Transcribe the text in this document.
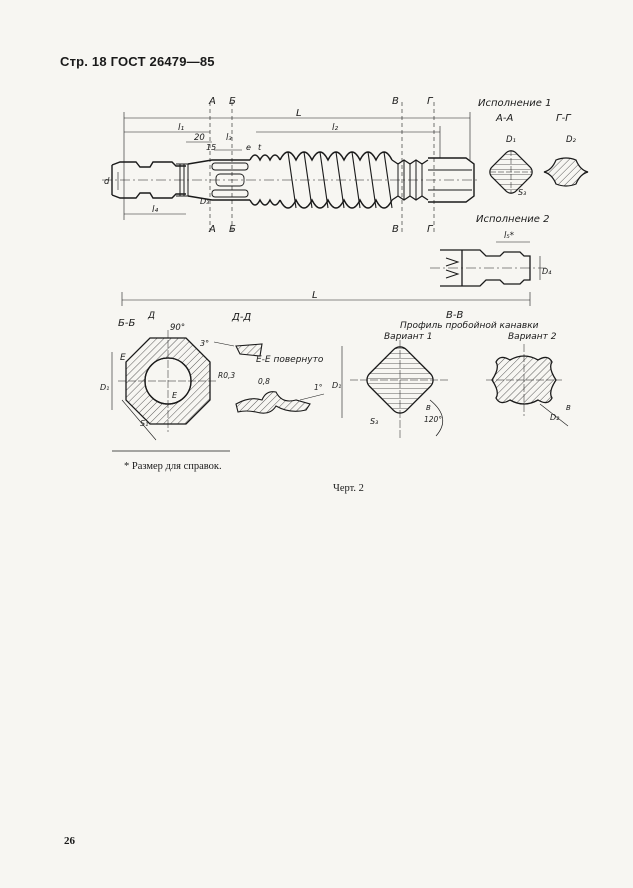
Стр. 18 ГОСТ 26479—85
А Б	В	Г
А Б	В	Г
L
l₁	l₂
20 l₃
15	e t
d
D₃
l₄
L
Исполнение 1
А-А	Г-Г
D₁
S₃
D₂
Исполнение 2
l₅*
D₄
Б-Б
Д
90°
Е
Е
D₁
S₁
Д-Д
3°
Е-Е повернуто
R0,3
0,8
1°
В-В
Профиль пробойной канавки
Вариант 1	Вариант 2
D₁
S₃	120°
B
D₂
B
* Размер для справок.
Черт. 2
26
